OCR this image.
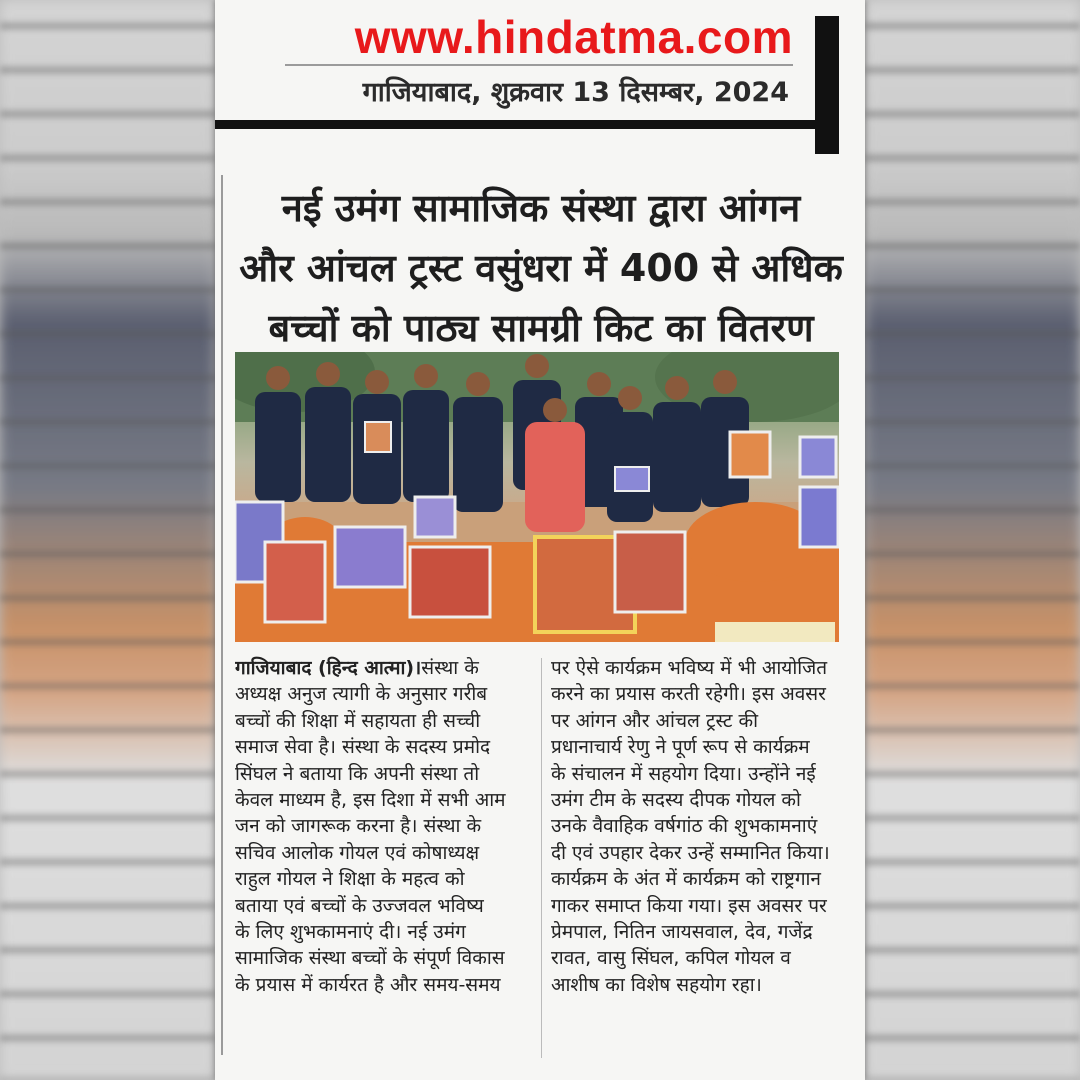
www.hindatma.com
गाजियाबाद, शुक्रवार 13 दिसम्बर, 2024
नई उमंग सामाजिक संस्था द्वारा आंगन
और आंचल ट्रस्ट वसुंधरा में 400 से अधिक
बच्चों को पाठ्य सामग्री किट का वितरण
गाजियाबाद (हिन्द आत्मा)।संस्था के
अध्यक्ष अनुज त्यागी के अनुसार गरीब
बच्चों की शिक्षा में सहायता ही सच्ची
समाज सेवा है। संस्था के सदस्य प्रमोद
सिंघल ने बताया कि अपनी संस्था तो
केवल माध्यम है, इस दिशा में सभी आम
जन को जागरूक करना है। संस्था के
सचिव आलोक गोयल एवं कोषाध्यक्ष
राहुल गोयल ने शिक्षा के महत्व को
बताया एवं बच्चों के उज्जवल भविष्य
के लिए शुभकामनाएं दी। नई उमंग
सामाजिक संस्था बच्चों के संपूर्ण विकास
के प्रयास में कार्यरत है और समय-समय
पर ऐसे कार्यक्रम भविष्य में भी आयोजित
करने का प्रयास करती रहेगी। इस अवसर
पर आंगन और आंचल ट्रस्ट की
प्रधानाचार्य रेणु ने पूर्ण रूप से कार्यक्रम
के संचालन में सहयोग दिया। उन्होंने नई
उमंग टीम के सदस्य दीपक गोयल को
उनके वैवाहिक वर्षगांठ की शुभकामनाएं
दी एवं उपहार देकर उन्हें सम्मानित किया।
कार्यक्रम के अंत में कार्यक्रम को राष्ट्रगान
गाकर समाप्त किया गया। इस अवसर पर
प्रेमपाल, नितिन जायसवाल, देव, गजेंद्र
रावत, वासु सिंघल, कपिल गोयल व
आशीष का विशेष सहयोग रहा।
